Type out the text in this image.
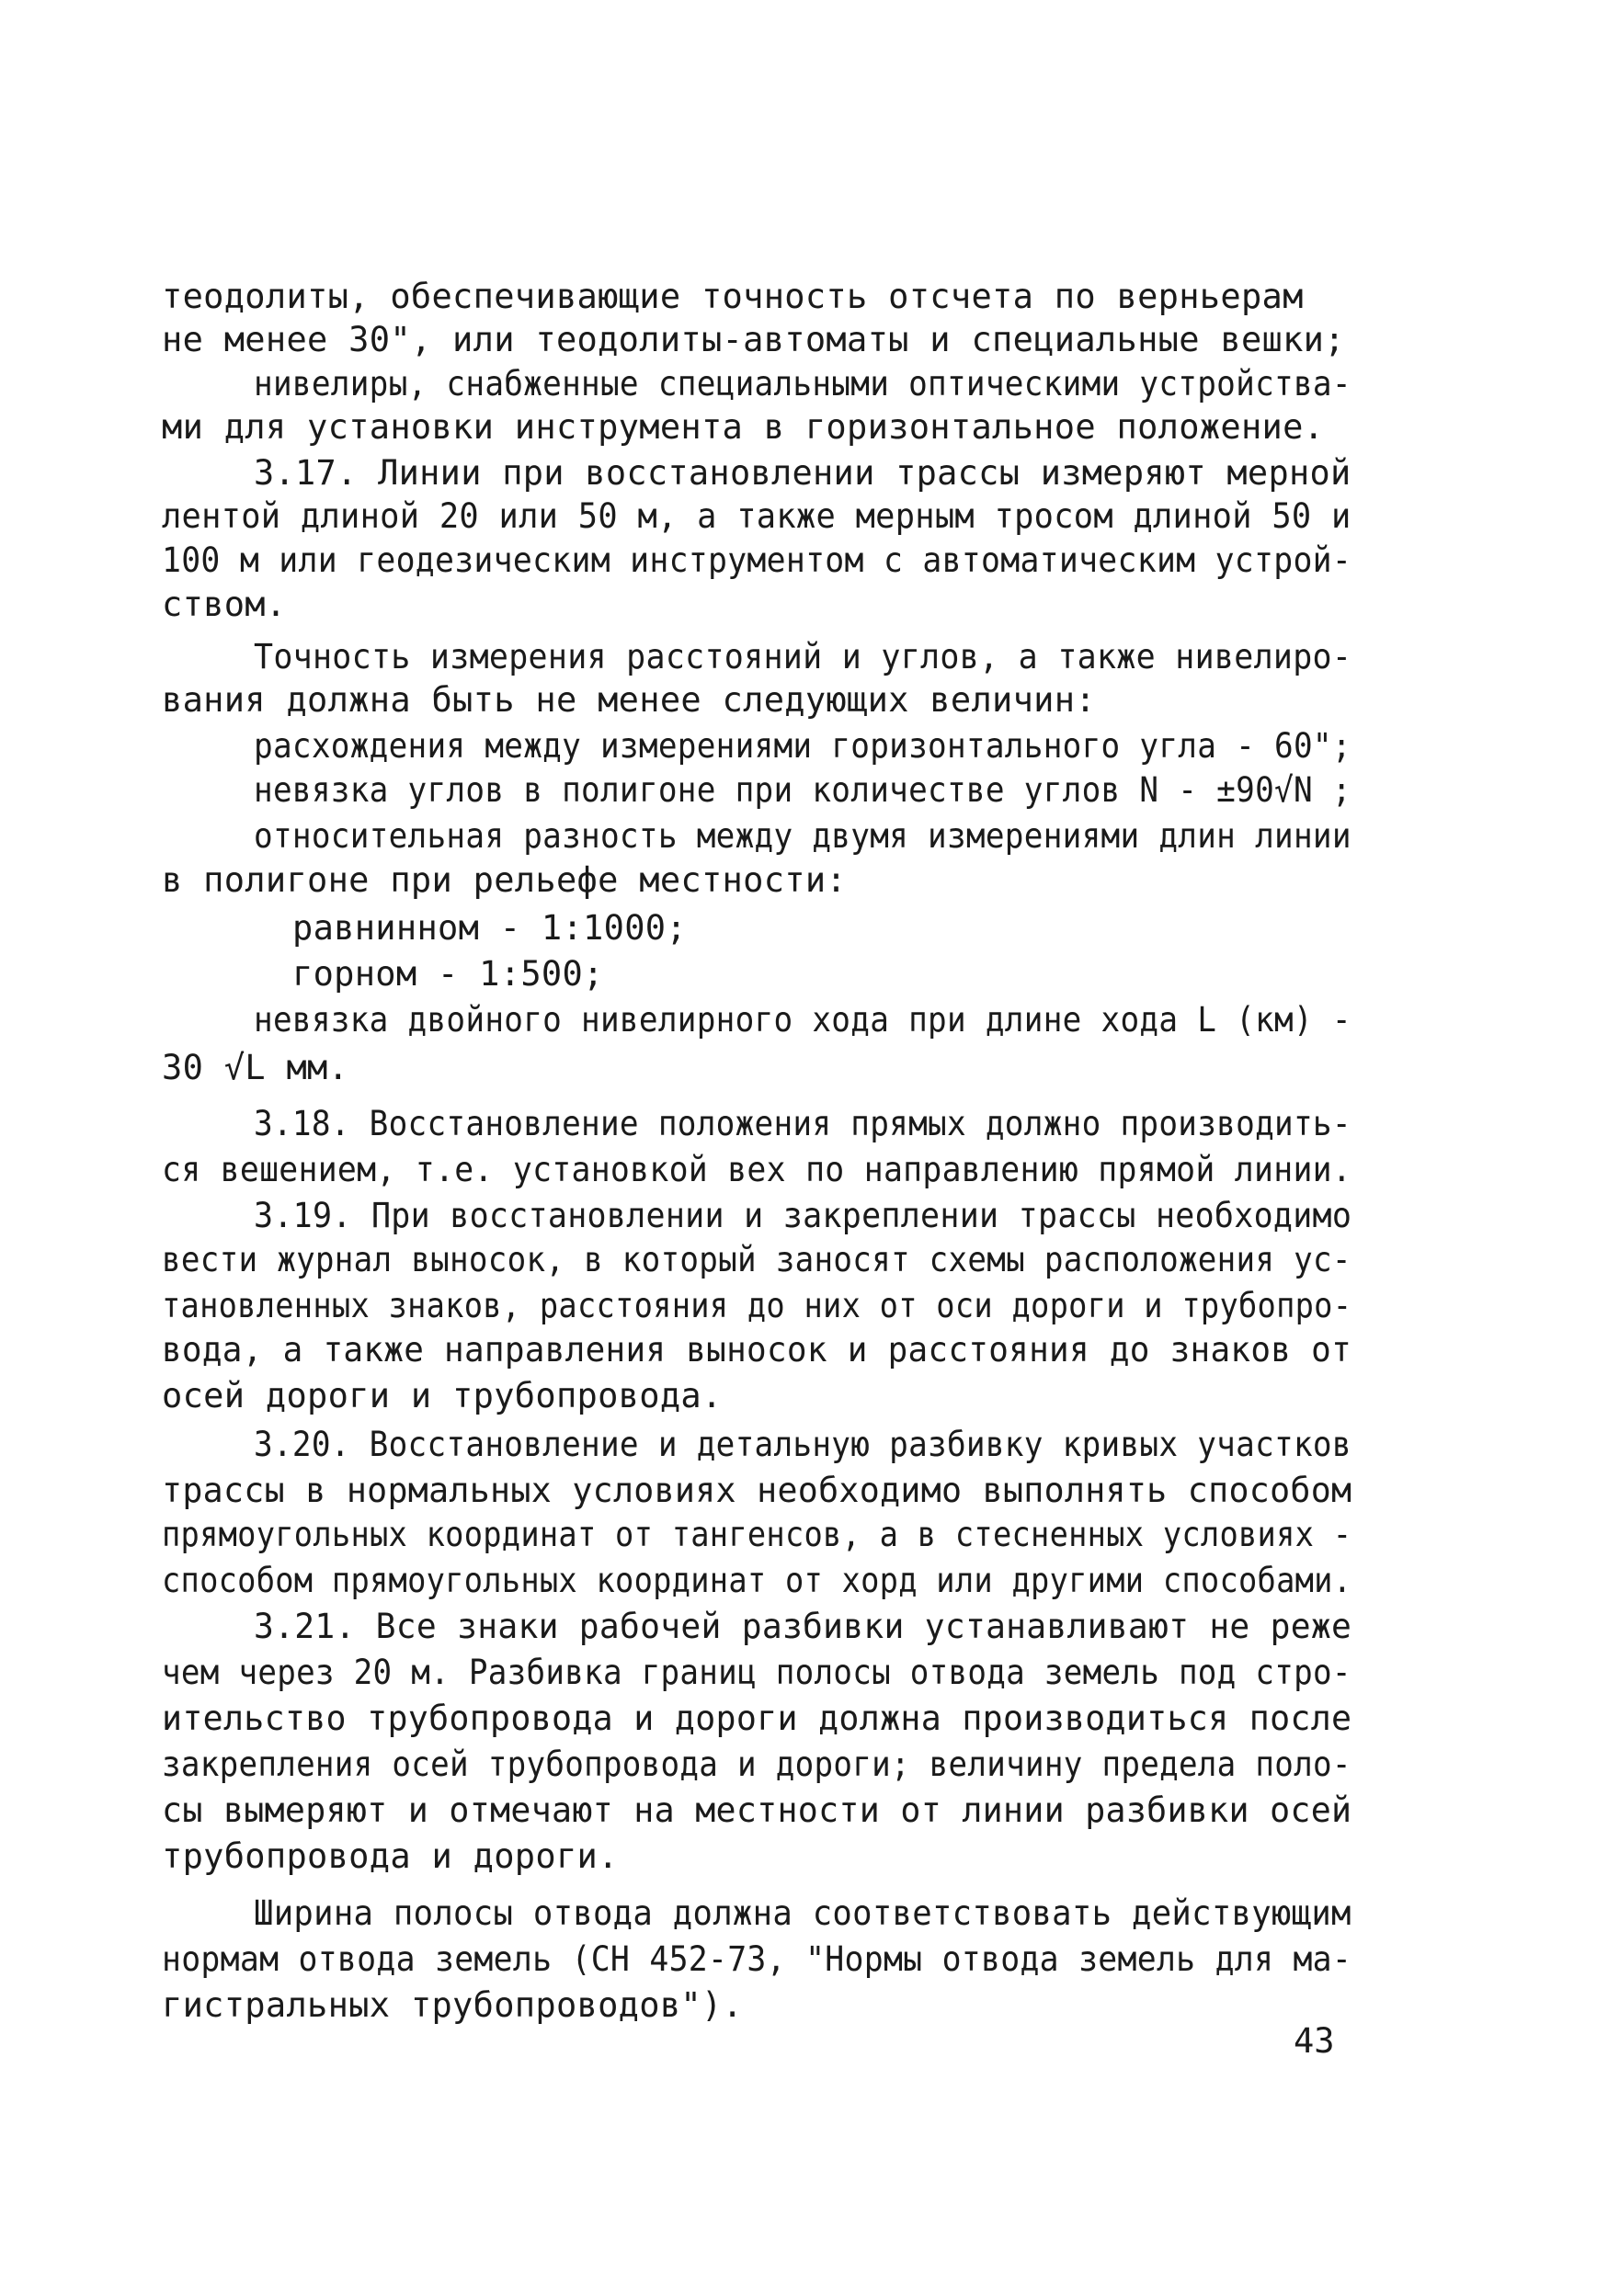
теодолиты, обеспечивающие точность отсчета по верньерам

не менее 30", или теодолиты-автоматы и специальные вешки;

нивелиры, снабженные специальными оптическими устройства-

ми для установки инструмента в горизонтальное положение.

3.17. Линии при восстановлении трассы измеряют мерной

лентой длиной 20 или 50 м, а также мерным тросом длиной 50 и

100 м или геодезическим инструментом с автоматическим устрой-

ством.

Точность измерения расстояний и углов, а также нивелиро-

вания должна быть не менее следующих величин:

расхождения между измерениями горизонтального угла - 60";

невязка углов в полигоне при количестве углов N - ±90√N ;

относительная разность между двумя измерениями длин линии

в полигоне при рельефе местности:

равнинном - 1:1000;

горном - 1:500;

невязка двойного нивелирного хода при длине хода L (км) -

30 √L мм.

3.18. Восстановление положения прямых должно производить-

ся вешением, т.е. установкой вех по направлению прямой линии.

3.19. При восстановлении и закреплении трассы необходимо

вести журнал выносок, в который заносят схемы расположения ус-

тановленных знаков, расстояния до них от оси дороги и трубопро-

вода, а также направления выносок и расстояния до знаков от

осей дороги и трубопровода.

3.20. Восстановление и детальную разбивку кривых участков

трассы в нормальных условиях необходимо выполнять способом

прямоугольных координат от тангенсов, а в стесненных условиях -

способом прямоугольных координат от хорд или другими способами.

3.21. Все знаки рабочей разбивки устанавливают не реже

чем через 20 м. Разбивка границ полосы отвода земель под стро-

ительство трубопровода и дороги должна производиться после

закрепления осей трубопровода и дороги; величину предела поло-

сы вымеряют и отмечают на местности от линии разбивки осей

трубопровода и дороги.

Ширина полосы отвода должна соответствовать действующим

нормам отвода земель (СН 452-73, "Нормы отвода земель для ма-

гистральных трубопроводов").

43
